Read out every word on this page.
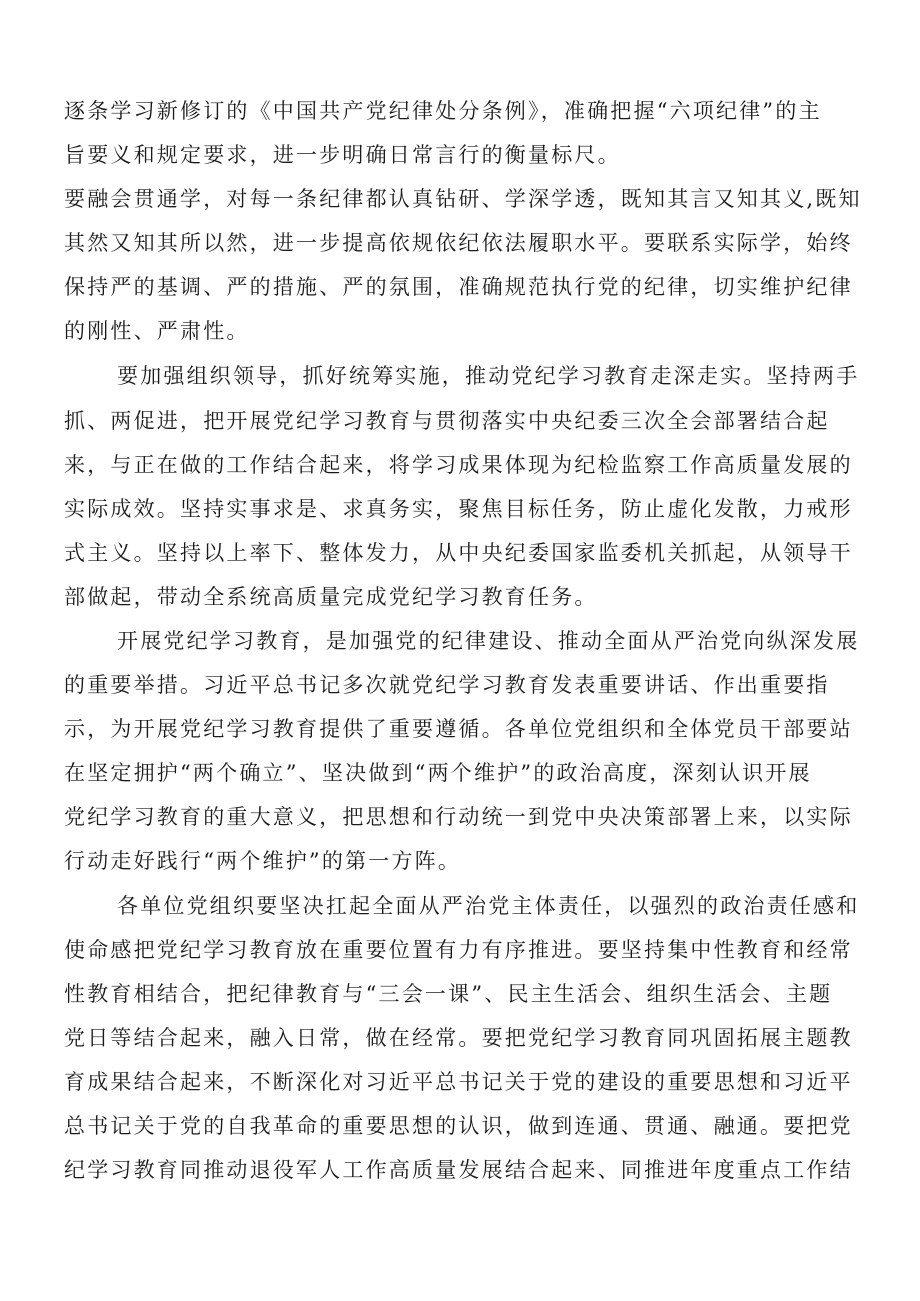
逐条学习新修订的《中国共产党纪律处分条例》，准确把握“六项纪律”的主
旨要义和规定要求，进一步明确日常言行的衡量标尺。
要融会贯通学，对每一条纪律都认真钻研、学深学透，既知其言又知其义,既知
其然又知其所以然，进一步提高依规依纪依法履职水平。要联系实际学，始终
保持严的基调、严的措施、严的氛围，准确规范执行党的纪律，切实维护纪律
的刚性、严肃性。
要加强组织领导，抓好统筹实施，推动党纪学习教育走深走实。坚持两手
抓、两促进，把开展党纪学习教育与贯彻落实中央纪委三次全会部署结合起
来，与正在做的工作结合起来，将学习成果体现为纪检监察工作高质量发展的
实际成效。坚持实事求是、求真务实，聚焦目标任务，防止虚化发散，力戒形
式主义。坚持以上率下、整体发力，从中央纪委国家监委机关抓起，从领导干
部做起，带动全系统高质量完成党纪学习教育任务。
开展党纪学习教育，是加强党的纪律建设、推动全面从严治党向纵深发展
的重要举措。习近平总书记多次就党纪学习教育发表重要讲话、作出重要指
示，为开展党纪学习教育提供了重要遵循。各单位党组织和全体党员干部要站
在坚定拥护“两个确立”、坚决做到“两个维护”的政治高度，深刻认识开展
党纪学习教育的重大意义，把思想和行动统一到党中央决策部署上来，以实际
行动走好践行“两个维护”的第一方阵。
各单位党组织要坚决扛起全面从严治党主体责任，以强烈的政治责任感和
使命感把党纪学习教育放在重要位置有力有序推进。要坚持集中性教育和经常
性教育相结合，把纪律教育与“三会一课”、民主生活会、组织生活会、主题
党日等结合起来，融入日常，做在经常。要把党纪学习教育同巩固拓展主题教
育成果结合起来，不断深化对习近平总书记关于党的建设的重要思想和习近平
总书记关于党的自我革命的重要思想的认识，做到连通、贯通、融通。要把党
纪学习教育同推动退役军人工作高质量发展结合起来、同推进年度重点工作结
